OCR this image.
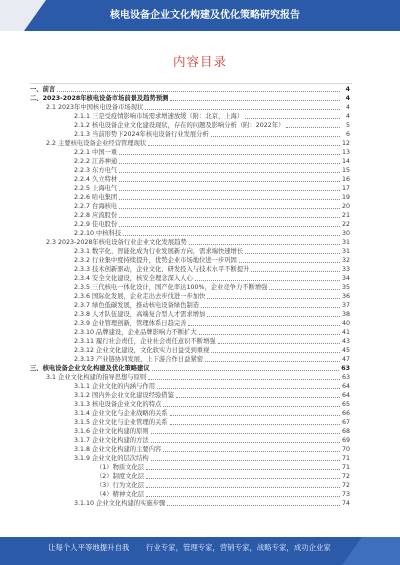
核电设备企业文化构建及优化策略研究报告
内容目录
一、前言	4
二、2023-2028年核电设备市场前景及趋势预测	4
2.1 2023年中国核电设备市场现状	4
2.1.1 三是受疫情影响市场需求增速放缓（附：北京、上海）	4
2.1.2 核电设备企业文化建设现状，存在的问题及影响分析（附：2022年）	5
2.1.3 当前形势下2024年核电设备行业发展分析	6
2.2 主要核电设备企业经营管理现状	12
2.2.1 中国一重	13
2.2.2 江苏神通	14
2.2.3 东方电气	15
2.2.4 久立特材	16
2.2.5 上海电气	17
2.2.6 哈电集团	19
2.2.7 台海核电	20
2.2.8 应流股份	21
2.2.9 佳电股份	22
2.2.10 中核科技	30
2.3 2023-2028年核电设备行业企业文化发展趋势	31
2.3.1 数字化、智能化成为行业发展新方向，需求端快速增长	31
2.3.2 行业集中度持续提升，优势企业市场地位进一步巩固	32
2.3.3 技术创新驱动，企业文化、研发投入与技术水平不断提升	33
2.3.4 安全文化建设，核安全理念深入人心	34
2.3.5 三代核电一体化设计，国产化率达100%，企业竞争力不断增强	35
2.3.6 国际化发展，企业走出去步伐进一步加快	36
2.3.7 绿色低碳发展，推动核电设备绿色制造	37
2.3.8 人才队伍建设，高端复合型人才需求增加	38
2.3.9 企业管理创新，管理体系日趋完善	40
2.3.10 品牌建设，企业品牌影响力不断扩大	41
2.3.11 履行社会责任，企业社会责任意识不断增强	43
2.3.12 企业文化建设，文化软实力日益受到重视	45
2.3.13 产业链协同发展，上下游合作日益紧密	47
三、核电设备企业文化构建及优化策略建议	63
3.1 企业文化构建的指导思想与原则	63
3.1.1 企业文化的内涵与作用	64
3.1.2 国内外企业文化建设经验借鉴	64
3.1.3 核电设备企业文化的特点	65
3.1.4 企业文化与企业战略的关系	66
3.1.5 企业文化与企业管理的关系	67
3.1.6 企业文化构建的原则	68
3.1.7 企业文化构建的方法	69
3.1.8 企业文化构建的主要内容	70
3.1.9 企业文化的层次结构	71
（1）物质文化层	71
（2）制度文化层	72
（3）行为文化层	72
（4）精神文化层	73
3.1.10 企业文化构建的实施步骤	74
让每个人平等地提升自我 行业专家，管理专家，营销专家，战略专家，成功企业家
